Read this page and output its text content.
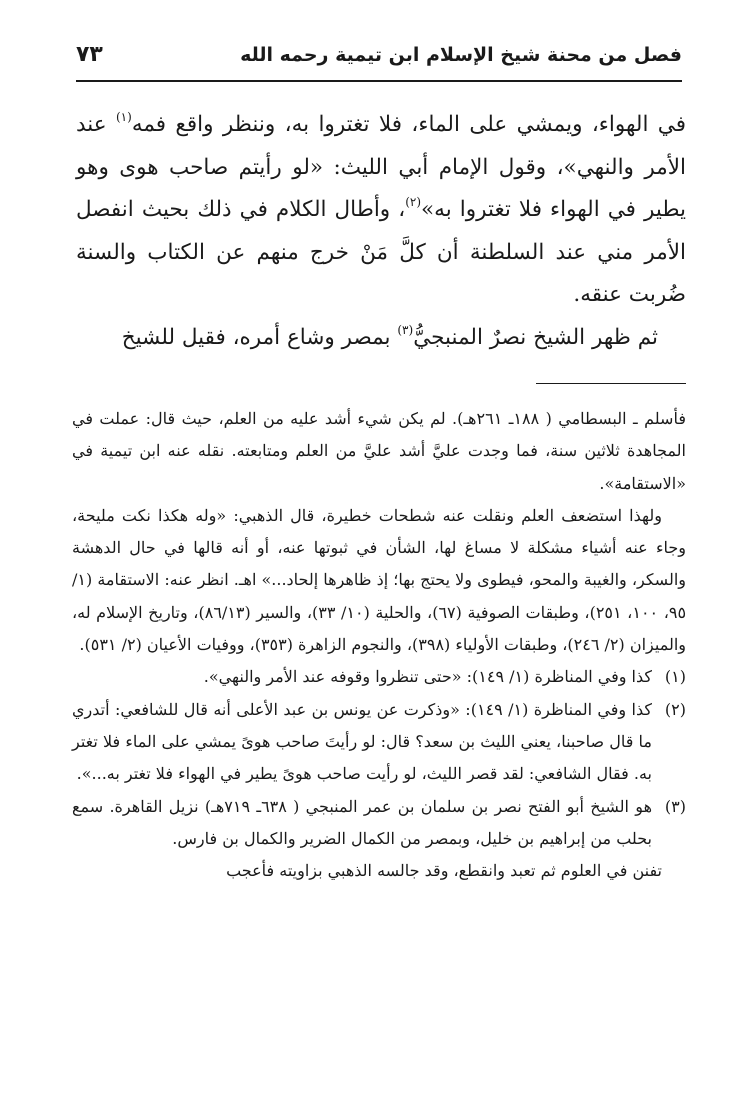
فصل من محنة شيخ الإسلام ابن تيمية رحمه الله
٧٣

في الهواء، ويمشي على الماء، فلا تغتروا به، وننظر واقع فمه$^{(١)}$ عند الأمر والنهي»، وقول الإمام أبي الليث: «لو رأيتم صاحب هوى وهو يطير في الهواء فلا تغتروا به»$^{(٢)}$، وأطال الكلام في ذلك بحيث انفصل الأمر مني عند السلطنة أن كلَّ مَنْ خرج منهم عن الكتاب والسنة ضُربت عنقه.

ثم ظهر الشيخ نصرٌ المنبجيُّ$^{(٣)}$ بمصر وشاع أمره، فقيل للشيخ

فأسلم ـ البسطامي ( ١٨٨ـ ٢٦١هـ). لم يكن شيء أشد عليه من العلم، حيث قال: عملت في المجاهدة ثلاثين سنة، فما وجدت عليَّ أشد عليَّ من العلم ومتابعته. نقله عنه ابن تيمية في «الاستقامة».

ولهذا استضعف العلم ونقلت عنه شطحات خطيرة، قال الذهبي: «وله هكذا نكت مليحة، وجاء عنه أشياء مشكلة لا مساغ لها، الشأن في ثبوتها عنه، أو أنه قالها في حال الدهشة والسكر، والغيبة والمحو، فيطوى ولا يحتج بها؛ إذ ظاهرها إلحاد...» اهـ. انظر عنه: الاستقامة (١/ ٩٥، ١٠٠، ٢٥١)، وطبقات الصوفية (٦٧)، والحلية (١٠/ ٣٣)، والسير (٨٦/١٣)، وتاريخ الإسلام له، والميزان (٢/ ٢٤٦)، وطبقات الأولياء (٣٩٨)، والنجوم الزاهرة (٣٥٣)، ووفيات الأعيان (٢/ ٥٣١).

(١)
كذا وفي المناظرة (١/ ١٤٩): «حتى تنظروا وقوفه عند الأمر والنهي».

(٢)
كذا وفي المناظرة (١/ ١٤٩): «وذكرت عن يونس بن عبد الأعلى أنه قال للشافعي: أتدري ما قال صاحبنا، يعني الليث بن سعد؟ قال: لو رأيتَ صاحب هوىً يمشي على الماء فلا تغتر به. فقال الشافعي: لقد قصر الليث، لو رأيت صاحب هوىً يطير في الهواء فلا تغتر به...».

(٣)
هو الشيخ أبو الفتح نصر بن سلمان بن عمر المنبجي ( ٦٣٨ـ ٧١٩هـ) نزيل القاهرة. سمع بحلب من إبراهيم بن خليل، وبمصر من الكمال الضرير والكمال بن فارس.

تفنن في العلوم ثم تعبد وانقطع، وقد جالسه الذهبي بزاويته فأعجب
